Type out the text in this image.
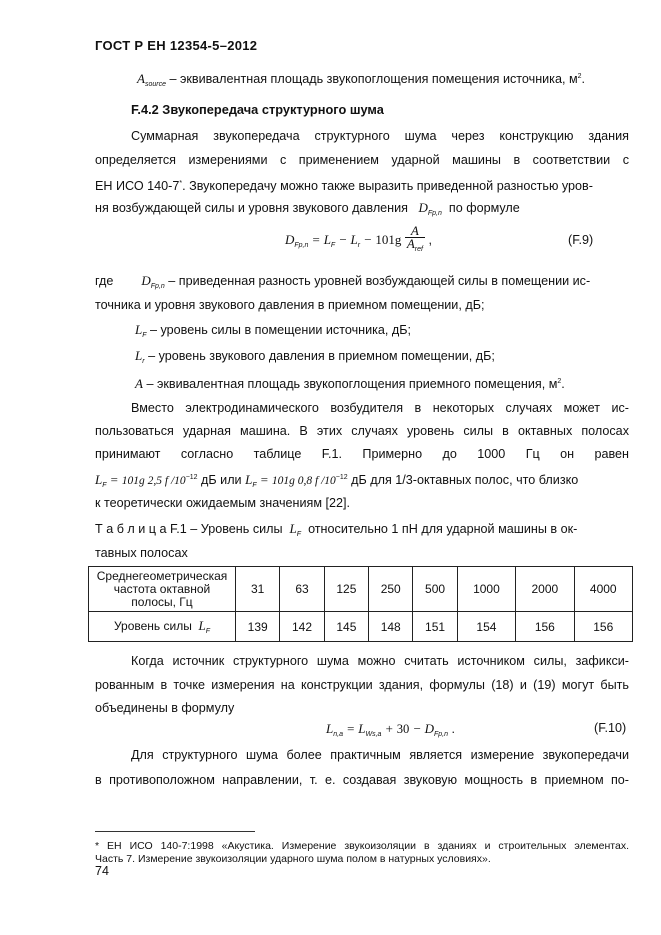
ГОСТ Р ЕН 12354-5–2012
$A_{source}$ – эквивалентная площадь звукопоглощения помещения источника, $м^2$.
F.4.2 Звукопередача структурного шума
Суммарная звукопередача структурного шума через конструкцию здания
определяется измерениями с применением ударной машины в соответствии с
ЕН ИСО 140-7*. Звукопередачу можно также выразить приведенной разностью уров-
ня возбуждающей силы и уровня звукового давления $D_{Fp,n}$ по формуле
$D_{Fp,n} = L_F - L_r - 101g \frac{A}{A_{ref}}$ ,	(F.9)
где $D_{Fp,n}$ – приведенная разность уровней возбуждающей силы в помещении ис-
точника и уровня звукового давления в приемном помещении, дБ;
$L_F$ – уровень силы в помещении источника, дБ;
$L_r$ – уровень звукового давления в приемном помещении, дБ;
A – эквивалентная площадь звукопоглощения приемного помещения, $м^2$.
Вместо электродинамического возбудителя в некоторых случаях может ис-
пользоваться ударная машина. В этих случаях уровень силы в октавных полосах
принимают согласно таблице F.1. Примерно до 1000 Гц он равен
$L_F = 101g$ 2,5 f $/10^{-12}$ дБ или $L_F = 101g$ 0,8 f $/10^{-12}$ дБ для 1/3-октавных полос, что близко
к теоретически ожидаемым значениям [22].
Т а б л и ц а F.1 – Уровень силы $L_F$ относительно 1 пН для ударной машины в ок-
тавных полосах
Среднегеометрическая
частота октавной
полосы, Гц	31	63	125	250	500	1000	2000	4000
Уровень силы $L_F$	139	142	145	148	151	154	156	156
Когда источник структурного шума можно считать источником силы, зафикси-
рованным в точке измерения на конструкции здания, формулы (18) и (19) могут быть
объединены в формулу
$L_{n,a} = L_{Ws,a} + 30 - D_{Fp,n}$ .	(F.10)
Для структурного шума более практичным является измерение звукопередачи
в противоположном направлении, т. е. создавая звуковую мощность в приемном по-
* ЕН ИСО 140-7:1998 «Акустика. Измерение звукоизоляции в зданиях и строительных элементах.
Часть 7. Измерение звукоизоляции ударного шума полом в натурных условиях».
74
